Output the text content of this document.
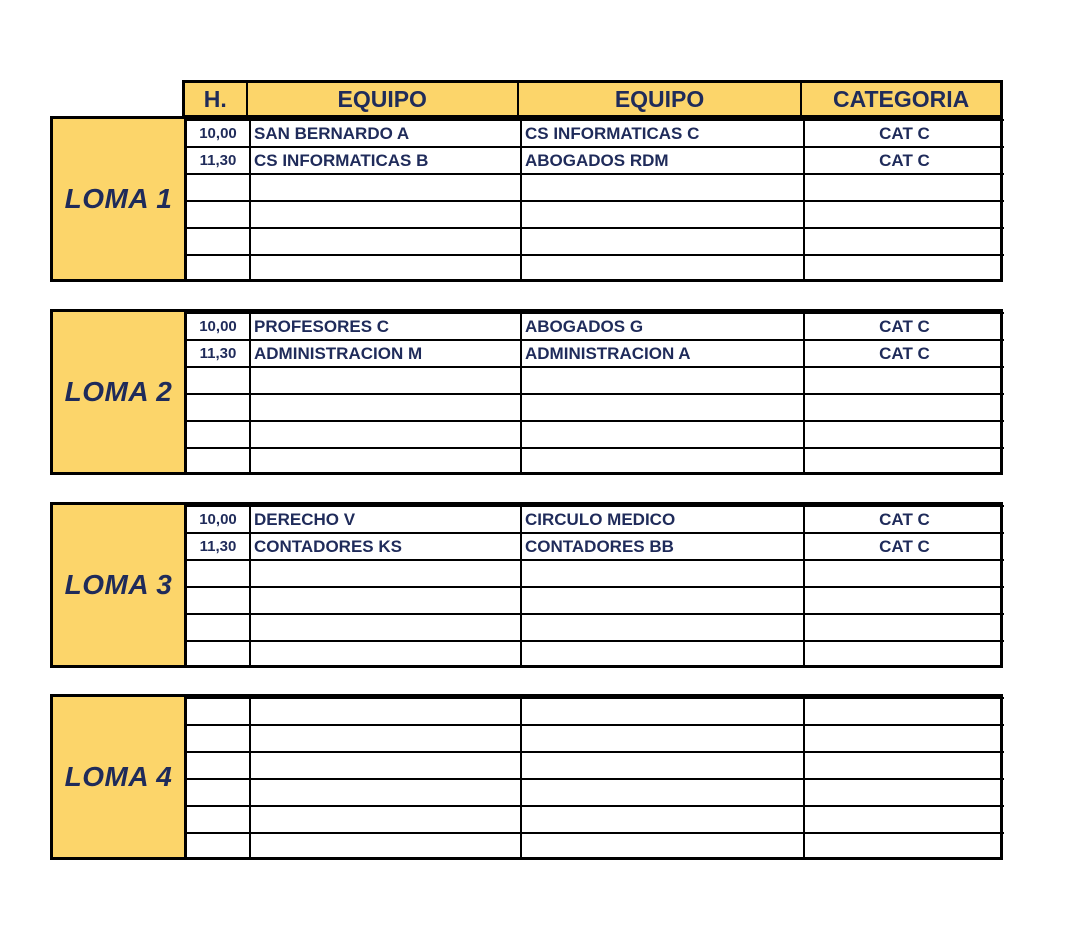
H.	EQUIPO	EQUIPO	CATEGORIA
LOMA 1
10,00	SAN BERNARDO A	CS INFORMATICAS C	CAT C
11,30	CS INFORMATICAS B	ABOGADOS RDM	CAT C

LOMA 2
10,00	PROFESORES C	ABOGADOS G	CAT C
11,30	ADMINISTRACION M	ADMINISTRACION A	CAT C

LOMA 3
10,00	DERECHO V	CIRCULO MEDICO	CAT C
11,30	CONTADORES KS	CONTADORES BB	CAT C

LOMA 4
